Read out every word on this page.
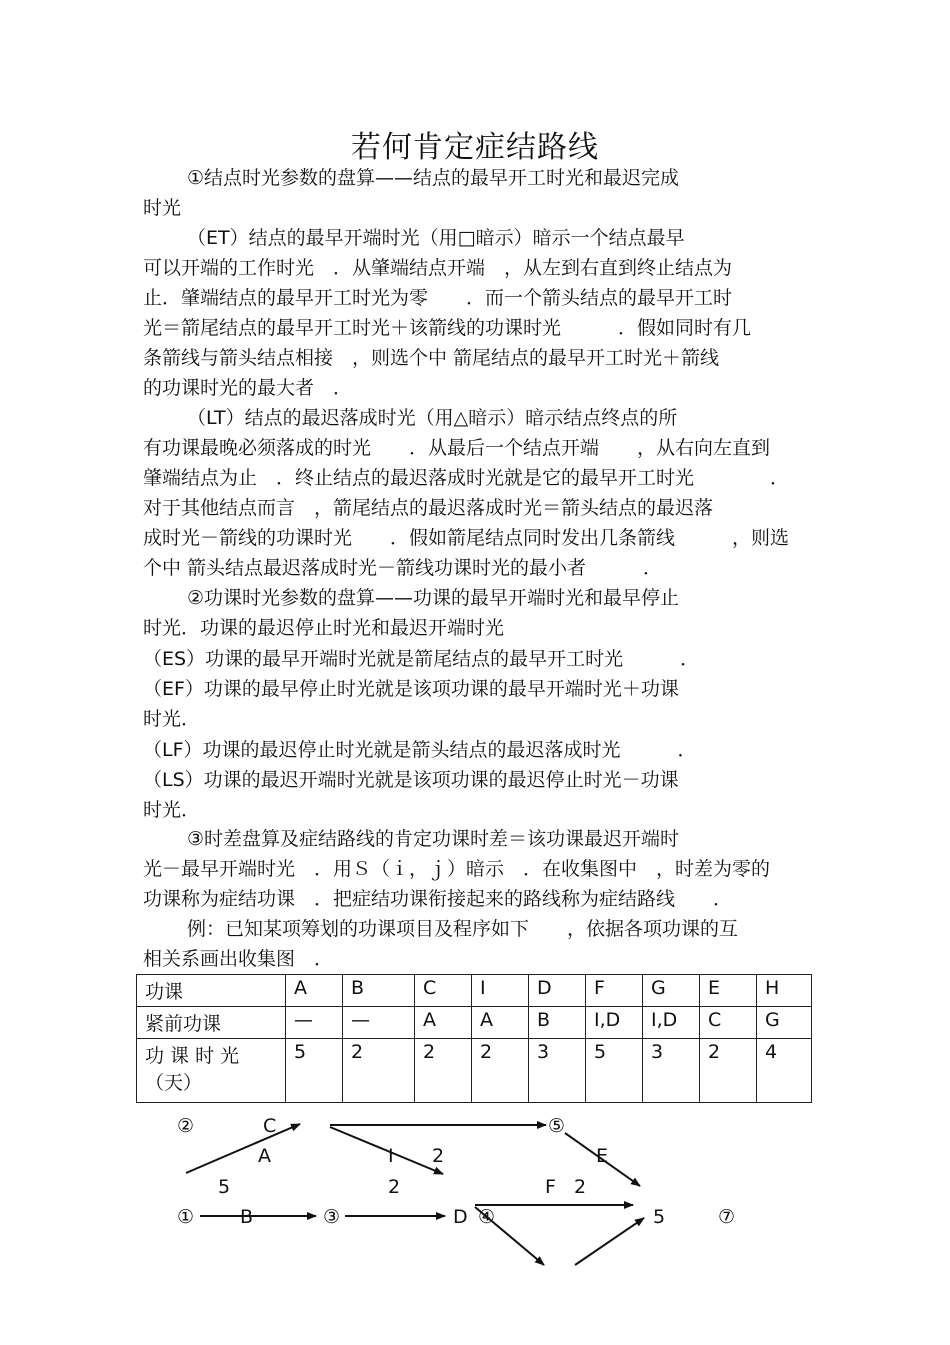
若何肯定症结路线
①结点时光参数的盘算——结点的最早开工时光和最迟完成
时光
（ET）结点的最早开端时光（用□暗示）暗示一个结点最早
可以开端的工作时光　．从肇端结点开端　，从左到右直到终止结点为
止．肇端结点的最早开工时光为零　　．而一个箭头结点的最早开工时
光＝箭尾结点的最早开工时光＋该箭线的功课时光　　　．假如同时有几
条箭线与箭头结点相接　，则选个中 箭尾结点的最早开工时光＋箭线
的功课时光的最大者　．
（LT）结点的最迟落成时光（用△暗示）暗示结点终点的所
有功课最晚必须落成的时光　　．从最后一个结点开端　　，从右向左直到
肇端结点为止　．终止结点的最迟落成时光就是它的最早开工时光　　　　．
对于其他结点而言　，箭尾结点的最迟落成时光＝箭头结点的最迟落
成时光－箭线的功课时光　　．假如箭尾结点同时发出几条箭线　　　，则选
个中 箭头结点最迟落成时光－箭线功课时光的最小者　　　．
②功课时光参数的盘算——功课的最早开端时光和最早停止
时光．功课的最迟停止时光和最迟开端时光
（ES）功课的最早开端时光就是箭尾结点的最早开工时光　　　．
（EF）功课的最早停止时光就是该项功课的最早开端时光＋功课
时光．
（LF）功课的最迟停止时光就是箭头结点的最迟落成时光　　　．
（LS）功课的最迟开端时光就是该项功课的最迟停止时光－功课
时光．
③时差盘算及症结路线的肯定功课时差＝该功课最迟开端时
光－最早开端时光　．用Ｓ（ｉ，ｊ）暗示　．在收集图中　，时差为零的
功课称为症结功课　．把症结功课衔接起来的路线称为症结路线　　．
例：已知某项筹划的功课项目及程序如下　　，依据各项功课的互
相关系画出收集图　．
功课	A	B	C	I	D	F	G	E	H
紧前功课	—	—	A	A	B	I,D	I,D	C	G

功 课 时 光
（天）	5	2	2	2	3	5	3	2	4
②
①	③	④
⑤
⑦
C
A	I 2	E
5	2	F 2
B	D	5
